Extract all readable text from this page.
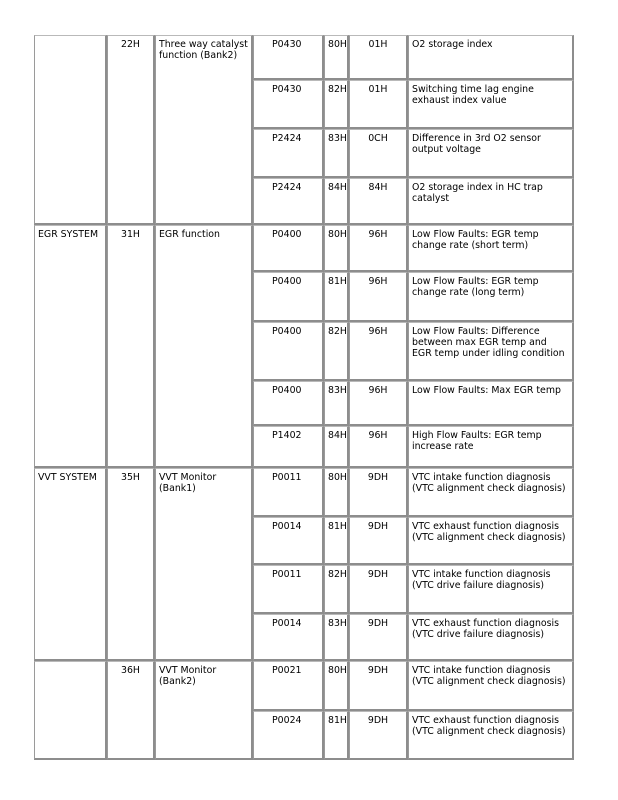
	22H	Three way catalyst function (Bank2)	P0430	80H	01H	O2 storage index
			P0430	82H	01H	Switching time lag engine exhaust index value
			P2424	83H	0CH	Difference in 3rd O2 sensor output voltage
			P2424	84H	84H	O2 storage index in HC trap catalyst
EGR SYSTEM	31H	EGR function	P0400	80H	96H	Low Flow Faults: EGR temp change rate (short term)
			P0400	81H	96H	Low Flow Faults: EGR temp change rate (long term)
			P0400	82H	96H	Low Flow Faults: Difference between max EGR temp and EGR temp under idling condition
			P0400	83H	96H	Low Flow Faults: Max EGR temp
			P1402	84H	96H	High Flow Faults: EGR temp increase rate
VVT SYSTEM	35H	VVT Monitor (Bank1)	P0011	80H	9DH	VTC intake function diagnosis (VTC alignment check diagnosis)
			P0014	81H	9DH	VTC exhaust function diagnosis (VTC alignment check diagnosis)
			P0011	82H	9DH	VTC intake function diagnosis (VTC drive failure diagnosis)
			P0014	83H	9DH	VTC exhaust function diagnosis (VTC drive failure diagnosis)
	36H	VVT Monitor (Bank2)	P0021	80H	9DH	VTC intake function diagnosis (VTC alignment check diagnosis)
			P0024	81H	9DH	VTC exhaust function diagnosis (VTC alignment check diagnosis)
